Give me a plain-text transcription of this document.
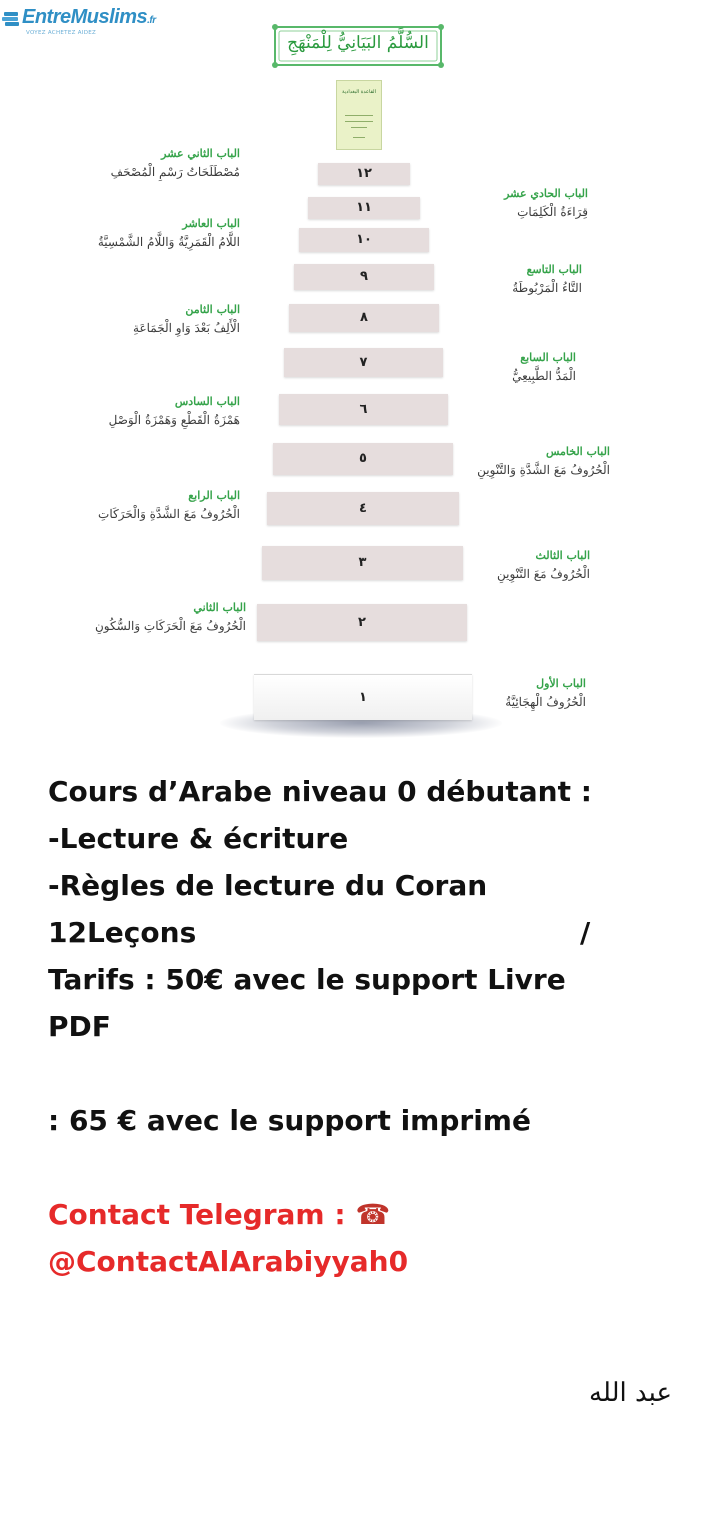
EntreMuslims.fr
VOYEZ ACHETEZ AIDEZ	السُّلَّمُ البَيَانِيُّ لِلْمَنْهَجِ
القاعدة البغدادية
١٢
١١
١٠
٩
٨
٧
٦
٥
٤
٣
٢
١
الباب الثاني عشر
مُصْطَلَحَاتُ رَسْمِ الْمُصْحَفِ
الباب العاشر
اللَّامُ الْقَمَرِيَّةُ وَاللَّامُ الشَّمْسِيَّةُ
الباب الثامن
الْأَلِفُ بَعْدَ وَاوِ الْجَمَاعَةِ
الباب السادس
هَمْزَةُ الْقَطْعِ وَهَمْزَةُ الْوَصْلِ
الباب الرابع
الْحُرُوفُ مَعَ الشَّدَّةِ وَالْحَرَكَاتِ
الباب الثاني
الْحُرُوفُ مَعَ الْحَرَكَاتِ وَالسُّكُونِ
الباب الحادي عشر
قِرَاءَةُ الْكَلِمَاتِ
الباب التاسع
التَّاءُ الْمَرْبُوطَةُ
الباب السابع
الْمَدُّ الطَّبِيعِيُّ
الباب الخامس
الْحُرُوفُ مَعَ الشَّدَّةِ وَالتَّنْوِينِ
الباب الثالث
الْحُرُوفُ مَعَ التَّنْوِينِ
الباب الأول
الْحُرُوفُ الْهِجَائِيَّةُ
Cours d’Arabe niveau 0 débutant :
-Lecture & écriture
-Règles de lecture du Coran
12Leçons	/
Tarifs : 50€ avec le support Livre
PDF
: 65 € avec le support imprimé
Contact Telegram : ☎
@ContactAlArabiyyah0
عبد الله
